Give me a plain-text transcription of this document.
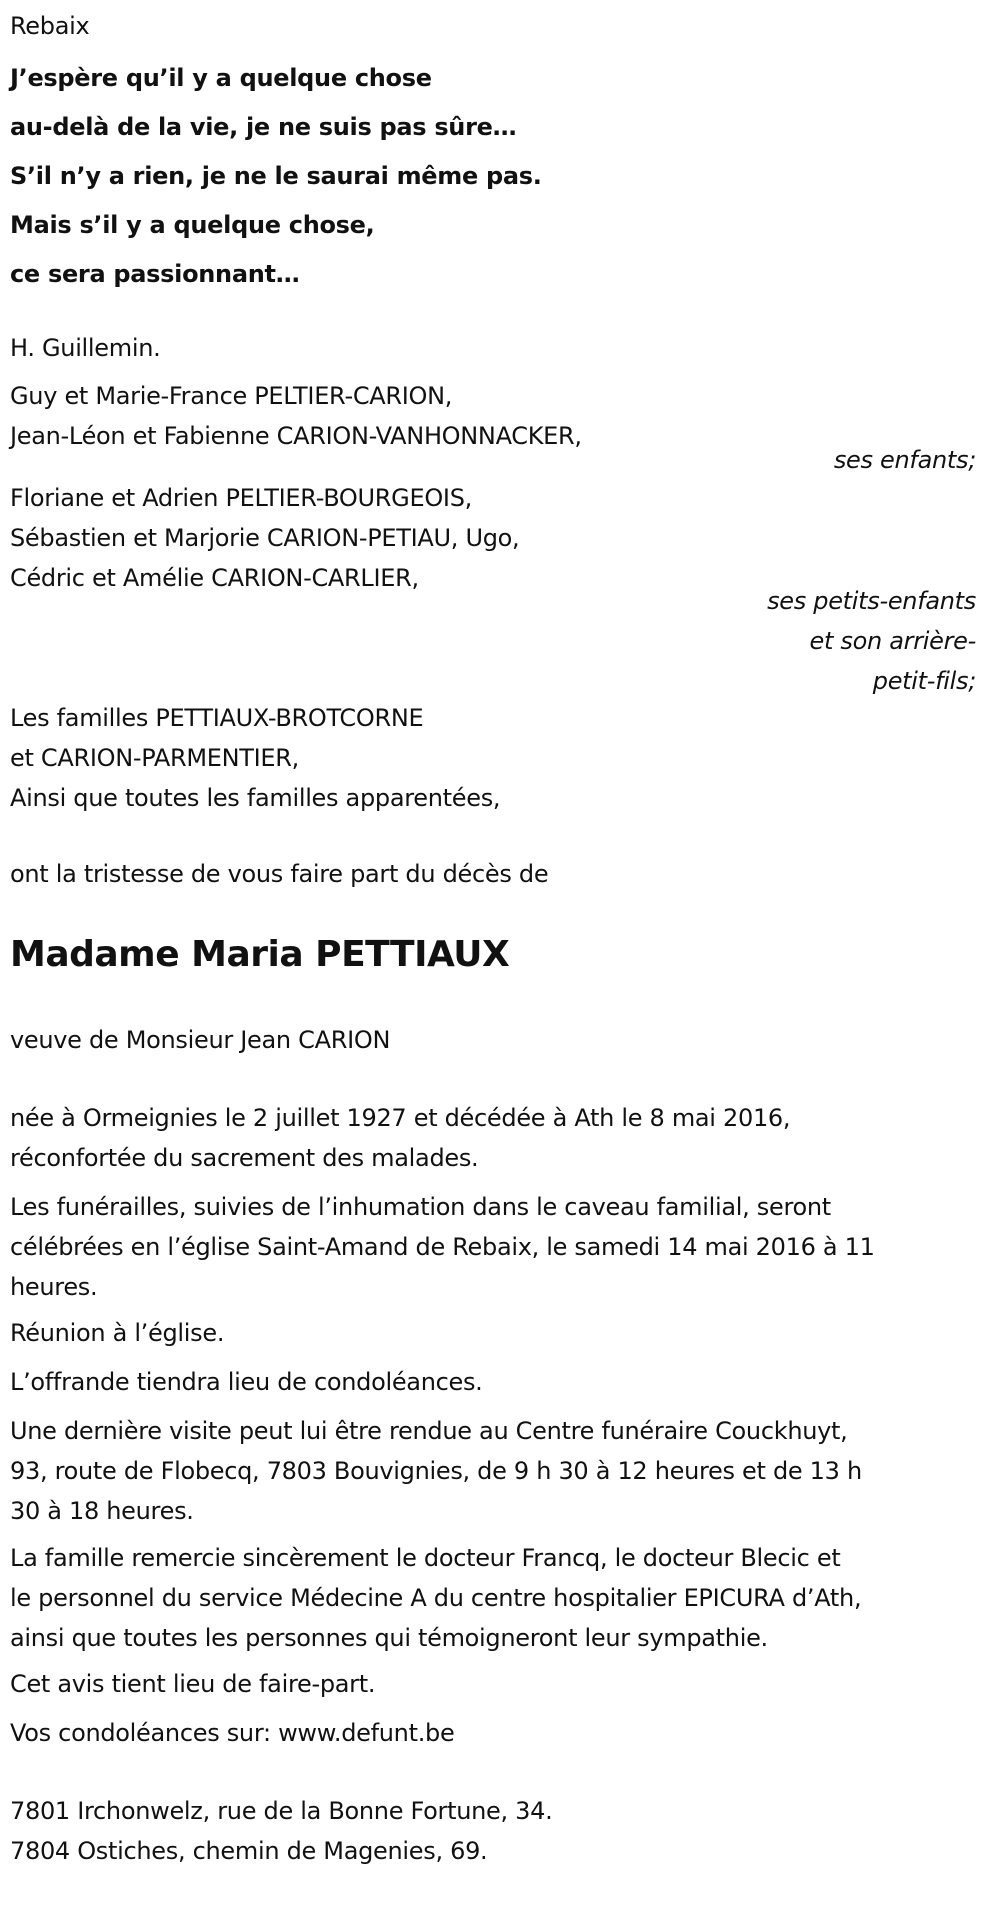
Rebaix
J’espère qu’il y a quelque chose
au-delà de la vie, je ne suis pas sûre…
S’il n’y a rien, je ne le saurai même pas.
Mais s’il y a quelque chose,
ce sera passionnant…
H. Guillemin.
Guy et Marie-France PELTIER-CARION,
Jean-Léon et Fabienne CARION-VANHONNACKER,
ses enfants;
Floriane et Adrien PELTIER-BOURGEOIS,
Sébastien et Marjorie CARION-PETIAU, Ugo,
Cédric et Amélie CARION-CARLIER,
ses petits-enfants
et son arrière-
petit-fils;
Les familles PETTIAUX-BROTCORNE
et CARION-PARMENTIER,
Ainsi que toutes les familles apparentées,
ont la tristesse de vous faire part du décès de
Madame Maria PETTIAUX
veuve de Monsieur Jean CARION
née à Ormeignies le 2 juillet 1927 et décédée à Ath le 8 mai 2016,
réconfortée du sacrement des malades.
Les funérailles, suivies de l’inhumation dans le caveau familial, seront
célébrées en l’église Saint-Amand de Rebaix, le samedi 14 mai 2016 à 11
heures.
Réunion à l’église.
L’offrande tiendra lieu de condoléances.
Une dernière visite peut lui être rendue au Centre funéraire Couckhuyt,
93, route de Flobecq, 7803 Bouvignies, de 9 h 30 à 12 heures et de 13 h
30 à 18 heures.
La famille remercie sincèrement le docteur Francq, le docteur Blecic et
le personnel du service Médecine A du centre hospitalier EPICURA d’Ath,
ainsi que toutes les personnes qui témoigneront leur sympathie.
Cet avis tient lieu de faire-part.
Vos condoléances sur: www.defunt.be
7801 Irchonwelz, rue de la Bonne Fortune, 34.
7804 Ostiches, chemin de Magenies, 69.
